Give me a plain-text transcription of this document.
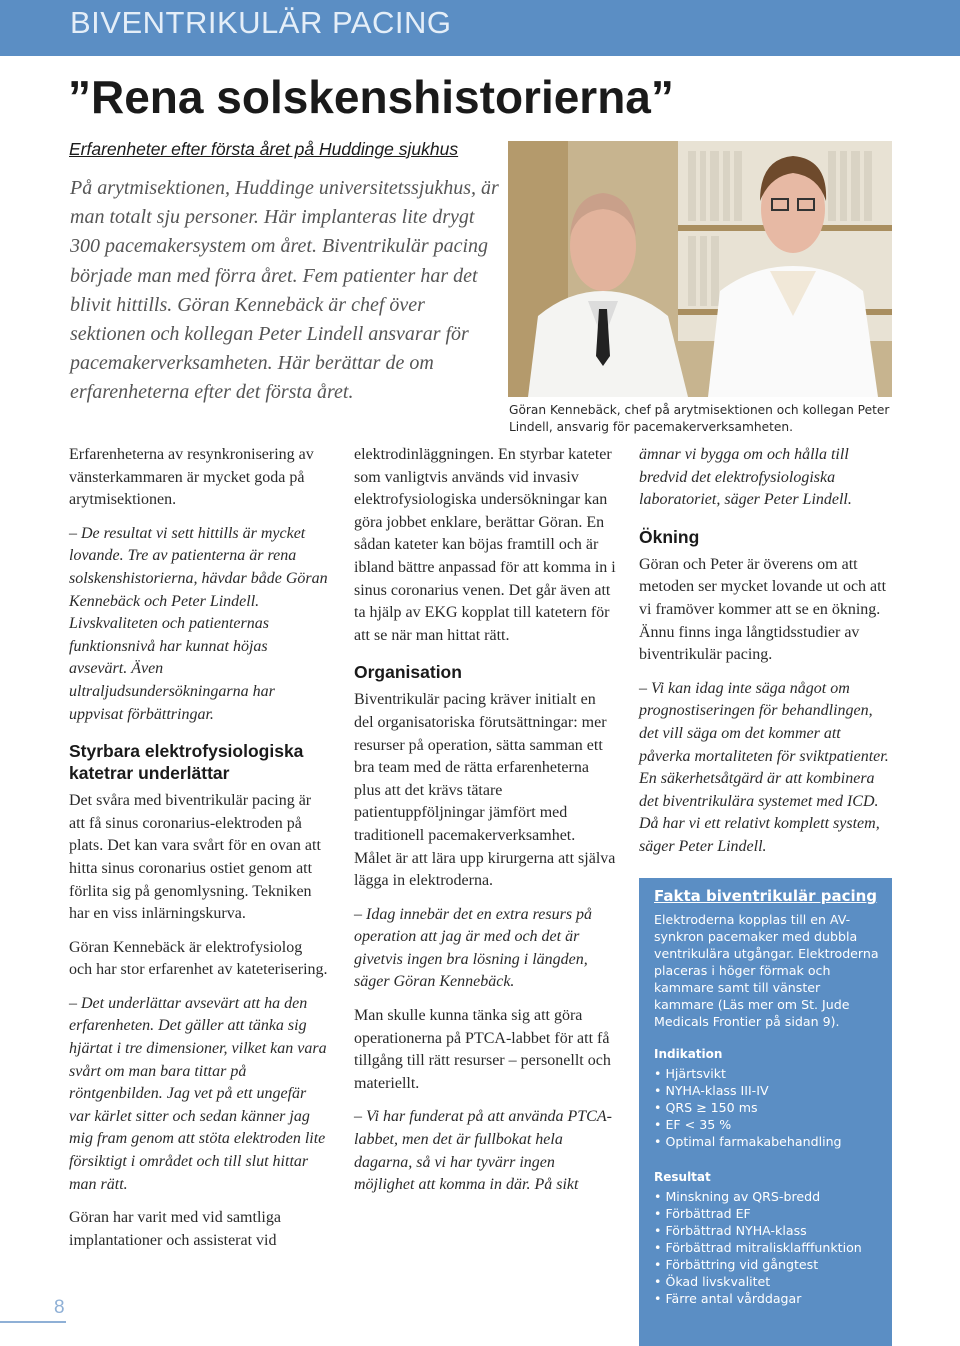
BIVENTRIKULÄR PACING
”Rena solskenshistorierna”
Erfarenheter efter första året på Huddinge sjukhus
På arytmisektionen, Huddinge universitetssjukhus, är man totalt sju personer. Här implanteras lite drygt 300 pacemakersystem om året. Biventrikulär pacing började man med förra året. Fem patienter har det blivit hittills. Göran Kennebäck är chef över sektionen och kollegan Peter Lindell ansvarar för pacemakerverksamheten. Här berättar de om erfarenheterna efter det första året.
Göran Kennebäck, chef på arytmisektionen och kollegan Peter Lindell, ansvarig för pacemakerverksamheten.

Erfarenheterna av resynkronisering av vänsterkammaren är mycket goda på arytmisektionen.

– De resultat vi sett hittills är mycket lovande. Tre av patienterna är rena solskenshistorierna, hävdar både Göran Kennebäck och Peter Lindell. Livskvaliteten och patienternas funktionsnivå har kunnat höjas avsevärt. Även ultraljudsundersökningarna har uppvisat förbättringar.

Styrbara elektrofysiologiska katetrar underlättar

Det svåra med biventrikulär pacing är att få sinus coronarius-elektroden på plats. Det kan vara svårt för en ovan att hitta sinus coronarius ostiet genom att förlita sig på genomlysning. Tekniken har en viss inlärningskurva.

Göran Kennebäck är elektrofysiolog och har stor erfarenhet av kateterisering.

– Det underlättar avsevärt att ha den erfarenheten. Det gäller att tänka sig hjärtat i tre dimensioner, vilket kan vara svårt om man bara tittar på röntgenbilden. Jag vet på ett ungefär var kärlet sitter och sedan känner jag mig fram genom att stöta elektroden lite försiktigt i området och till slut hittar man rätt.

Göran har varit med vid samtliga implantationer och assisterat vid

elektrodinläggningen. En styrbar kateter som vanligtvis används vid invasiv elektrofysiologiska undersökningar kan göra jobbet enklare, berättar Göran. En sådan kateter kan böjas framtill och är ibland bättre anpassad för att komma in i sinus coronarius venen. Det går även att ta hjälp av EKG kopplat till katetern för att se när man hittat rätt.

Organisation

Biventrikulär pacing kräver initialt en del organisatoriska förutsättningar: mer resurser på operation, sätta samman ett bra team med de rätta erfarenheterna plus att det krävs tätare patientuppföljningar jämfört med traditionell pacemakerverksamhet. Målet är att lära upp kirurgerna att själva lägga in elektroderna.

– Idag innebär det en extra resurs på operation att jag är med och det är givetvis ingen bra lösning i längden, säger Göran Kennebäck.

Man skulle kunna tänka sig att göra operationerna på PTCA-labbet för att få tillgång till rätt resurser – personellt och materiellt.

– Vi har funderat på att använda PTCA-labbet, men det är fullbokat hela dagarna, så vi har tyvärr ingen möjlighet att komma in där. På sikt

ämnar vi bygga om och hålla till bredvid det elektrofysiologiska laboratoriet, säger Peter Lindell.

Ökning

Göran och Peter är överens om att metoden ser mycket lovande ut och att vi framöver kommer att se en ökning. Ännu finns inga långtidsstudier av biventrikulär pacing.

– Vi kan idag inte säga något om prognostiseringen för behandlingen, det vill säga om det kommer att påverka mortaliteten för sviktpatienter. En säkerhetsåtgärd är att kombinera det biventrikulära systemet med ICD. Då har vi ett relativt komplett system, säger Peter Lindell.

Fakta biventrikulär pacing
Elektroderna kopplas till en AV-synkron pacemaker med dubbla ventrikulära utgångar. Elektroderna placeras i höger förmak och kammare samt till vänster kammare (Läs mer om St. Jude Medicals Frontier på sidan 9).

Indikation

• Hjärtsvikt
• NYHA-klass III-IV
• QRS ≥ 150 ms
• EF < 35 %
• Optimal farmakabehandling

Resultat

• Minskning av QRS-bredd
• Förbättrad EF
• Förbättrad NYHA-klass
• Förbättrad mitralisklafffunktion
• Förbättring vid gångtest
• Ökad livskvalitet
• Färre antal vårddagar
8
